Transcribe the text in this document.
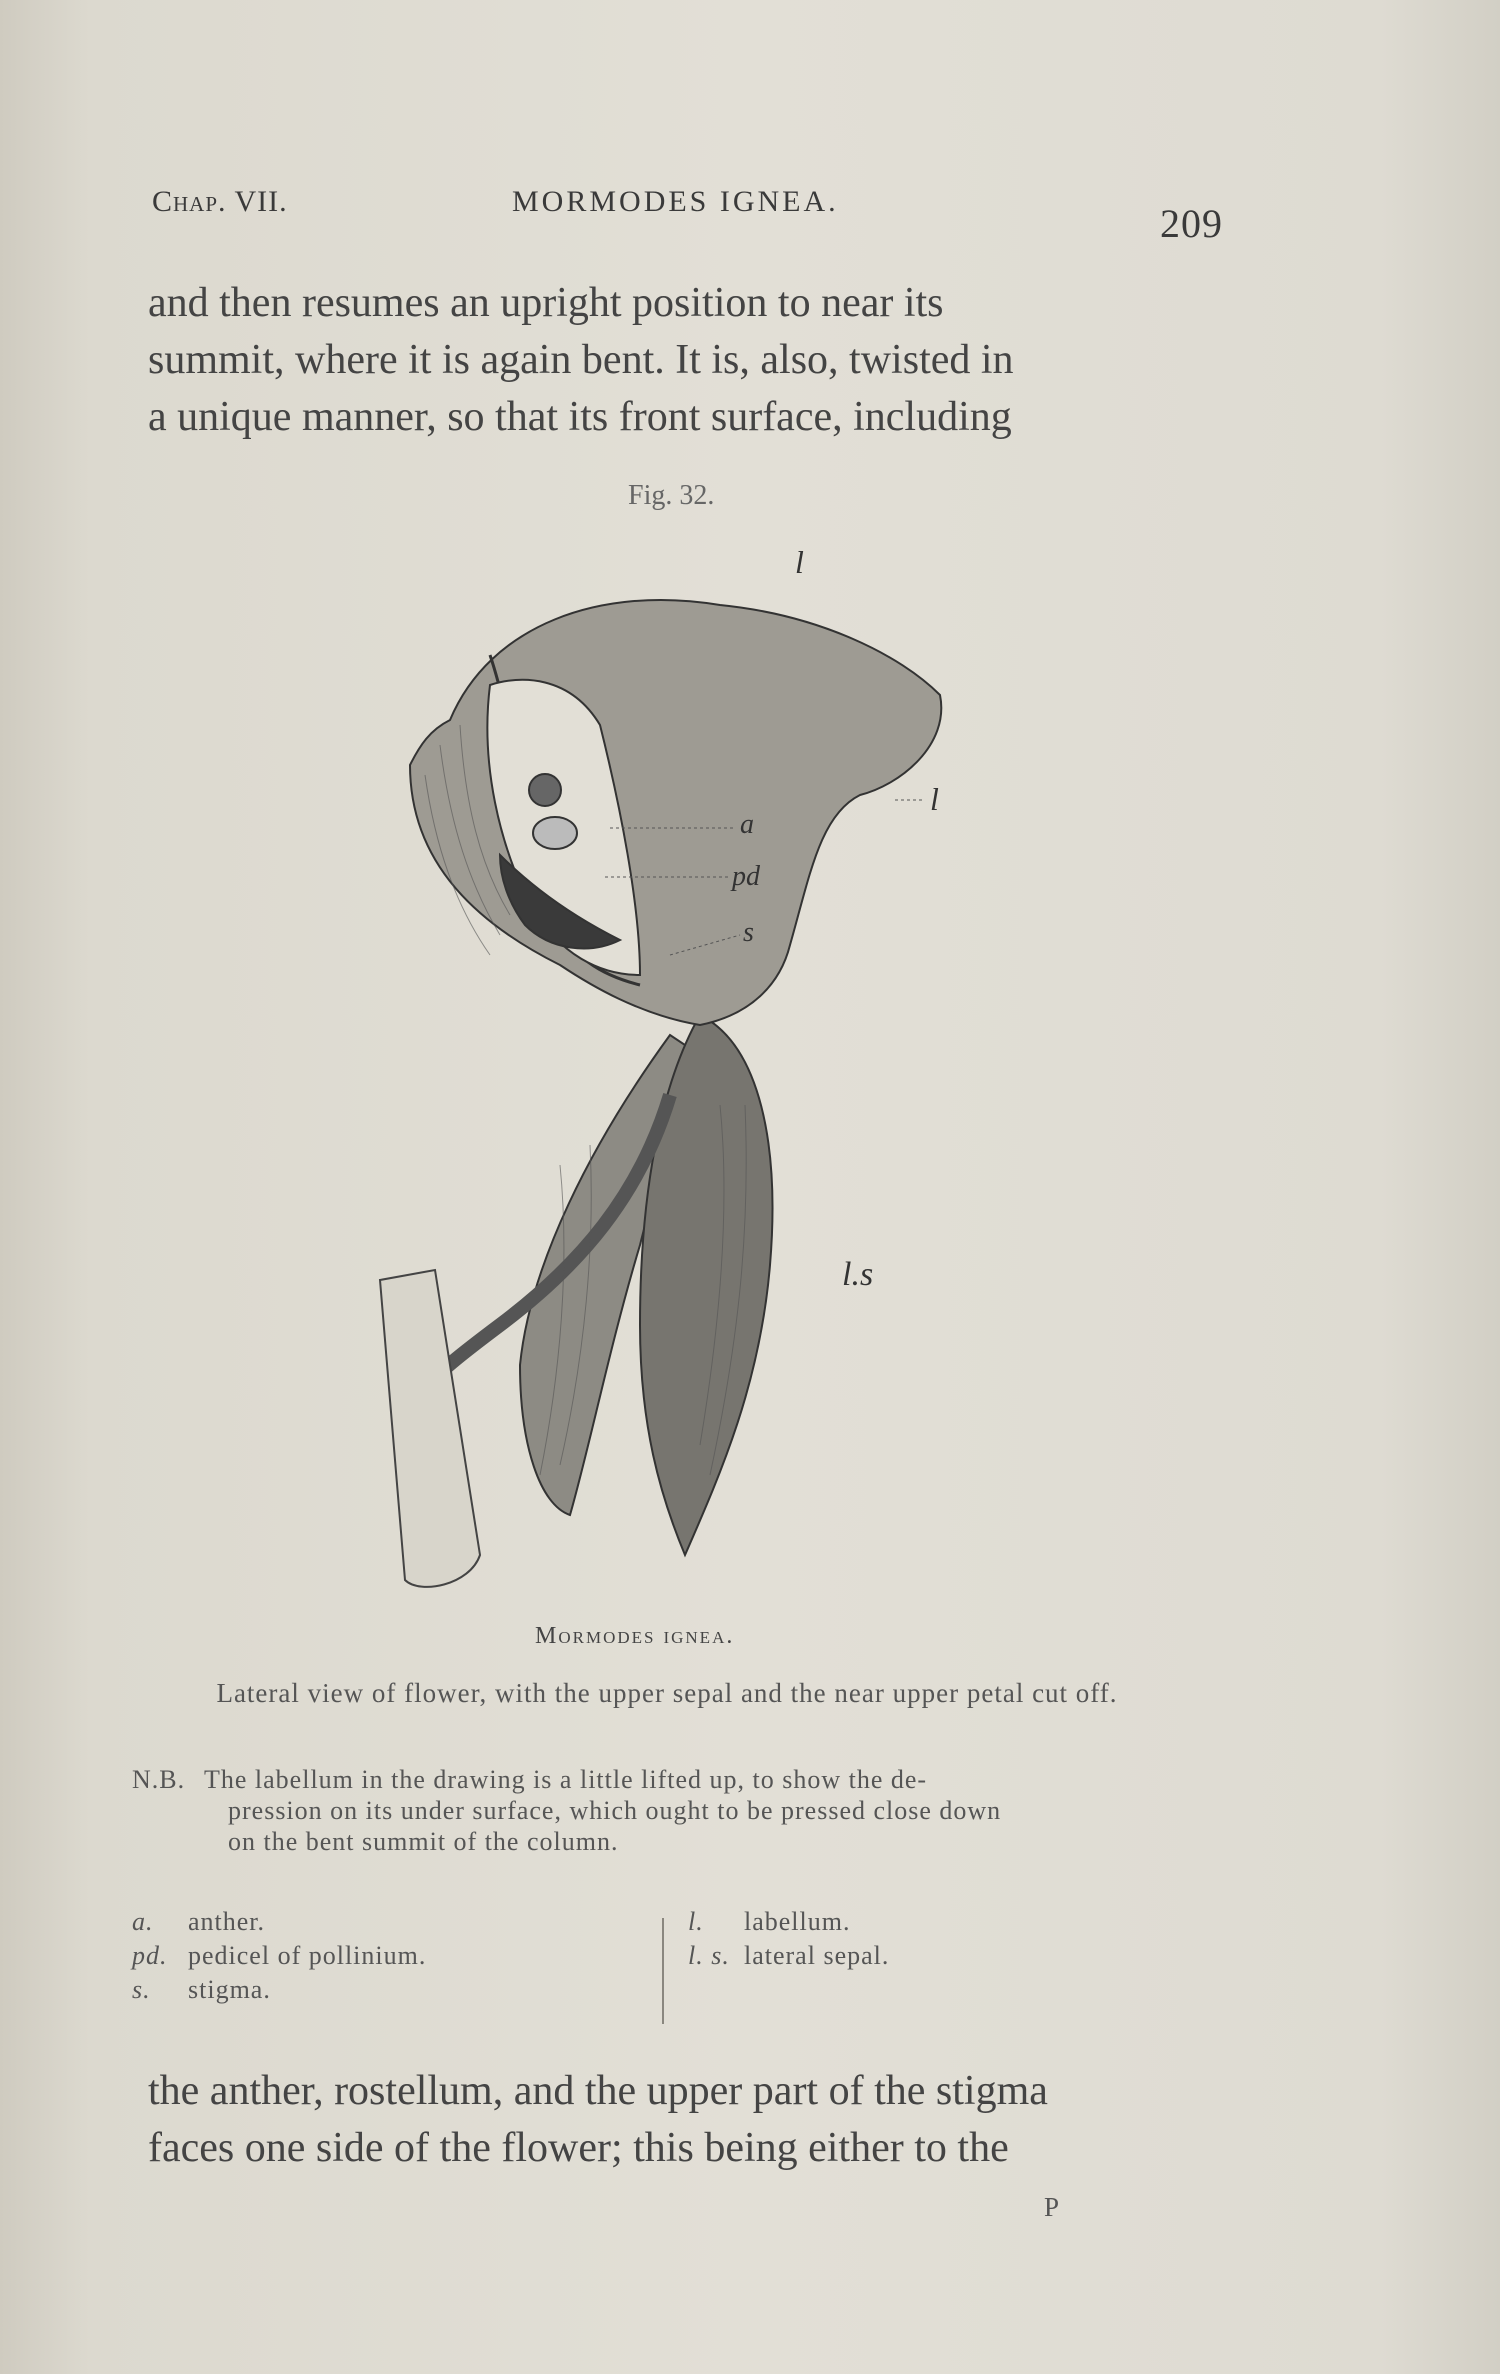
Chap. VII.	MORMODES IGNEA.	209
and then resumes an upright position to near its
summit, where it is again bent. It is, also, twisted in
a unique manner, so that its front surface, including
Fig. 32.
l
l
a
pd
s
l.s
Mormodes ignea.
Lateral view of flower, with the upper sepal and the near upper petal cut off.
N.B. The labellum in the drawing is a little lifted up, to show the de-
pression on its under surface, which ought to be pressed close down
on the bent summit of the column.
a. anther.
pd. pedicel of pollinium.
s. stigma.
l. labellum.
l. s. lateral sepal.
the anther, rostellum, and the upper part of the stigma
faces one side of the flower; this being either to the
P
